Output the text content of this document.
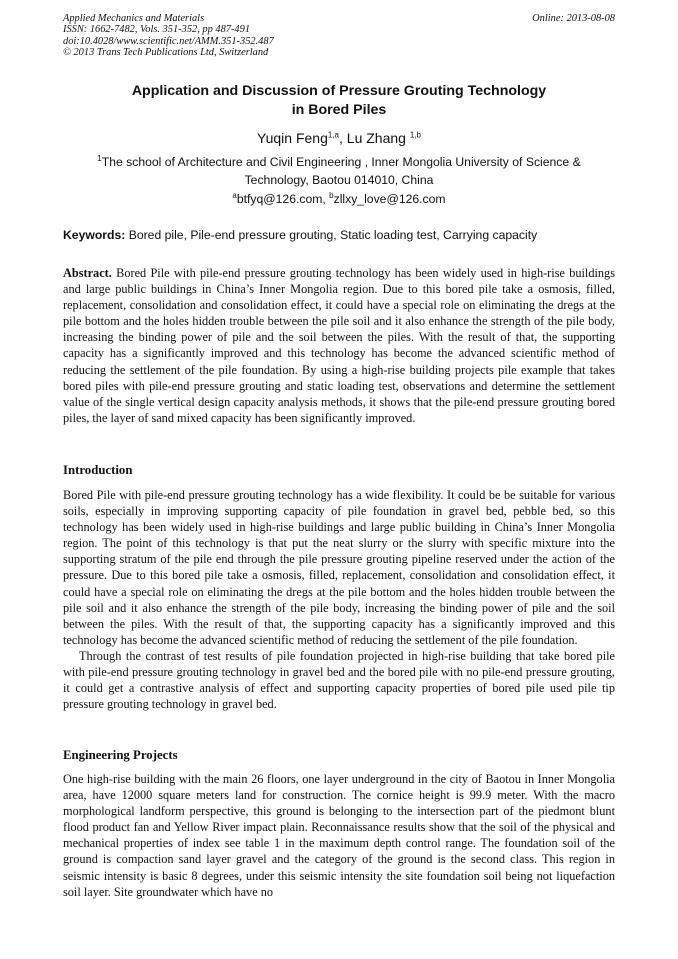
Applied Mechanics and Materials
ISSN: 1662-7482, Vols. 351-352, pp 487-491
doi:10.4028/www.scientific.net/AMM.351-352.487
© 2013 Trans Tech Publications Ltd, Switzerland
Online: 2013-08-08
Application and Discussion of Pressure Grouting Technology
in Bored Piles
Yuqin Feng$^{1,a}$, Lu Zhang $^{1,b}$
$^1$The school of Architecture and Civil Engineering , Inner Mongolia University of Science &
Technology, Baotou 014010, China
$^a$btfyq@126.com, $^b$zllxy_love@126.com
Keywords: Bored pile, Pile-end pressure grouting, Static loading test, Carrying capacity

Abstract. Bored Pile with pile-end pressure grouting technology has been widely used in high-rise buildings and large public buildings in China’s Inner Mongolia region. Due to this bored pile take a osmosis, filled, replacement, consolidation and consolidation effect, it could have a special role on eliminating the dregs at the pile bottom and the holes hidden trouble between the pile soil and it also enhance the strength of the pile body, increasing the binding power of pile and the soil between the piles. With the result of that, the supporting capacity has a significantly improved and this technology has become the advanced scientific method of reducing the settlement of the pile foundation. By using a high-rise building projects pile example that takes bored piles with pile-end pressure grouting and static loading test, observations and determine the settlement value of the single vertical design capacity analysis methods, it shows that the pile-end pressure grouting bored piles, the layer of sand mixed capacity has been significantly improved.

Introduction

Bored Pile with pile-end pressure grouting technology has a wide flexibility. It could be be suitable for various soils, especially in improving supporting capacity of pile foundation in gravel bed, pebble bed, so this technology has been widely used in high-rise buildings and large public building in China’s Inner Mongolia region. The point of this technology is that put the neat slurry or the slurry with specific mixture into the supporting stratum of the pile end through the pile pressure grouting pipeline reserved under the action of the pressure. Due to this bored pile take a osmosis, filled, replacement, consolidation and consolidation effect, it could have a special role on eliminating the dregs at the pile bottom and the holes hidden trouble between the pile soil and it also enhance the strength of the pile body, increasing the binding power of pile and the soil between the piles. With the result of that, the supporting capacity has a significantly improved and this technology has become the advanced scientific method of reducing the settlement of the pile foundation.

Through the contrast of test results of pile foundation projected in high-rise building that take bored pile with pile-end pressure grouting technology in gravel bed and the bored pile with no pile-end pressure grouting, it could get a contrastive analysis of effect and supporting capacity properties of bored pile used pile tip pressure grouting technology in gravel bed.

Engineering Projects

One high-rise building with the main 26 floors, one layer underground in the city of Baotou in Inner Mongolia area, have 12000 square meters land for construction. The cornice height is 99.9 meter. With the macro morphological landform perspective, this ground is belonging to the intersection part of the piedmont blunt flood product fan and Yellow River impact plain. Reconnaissance results show that the soil of the physical and mechanical properties of index see table 1 in the maximum depth control range. The foundation soil of the ground is compaction sand layer gravel and the category of the ground is the second class. This region in seismic intensity is basic 8 degrees, under this seismic intensity the site foundation soil being not liquefaction soil layer. Site groundwater which have no
